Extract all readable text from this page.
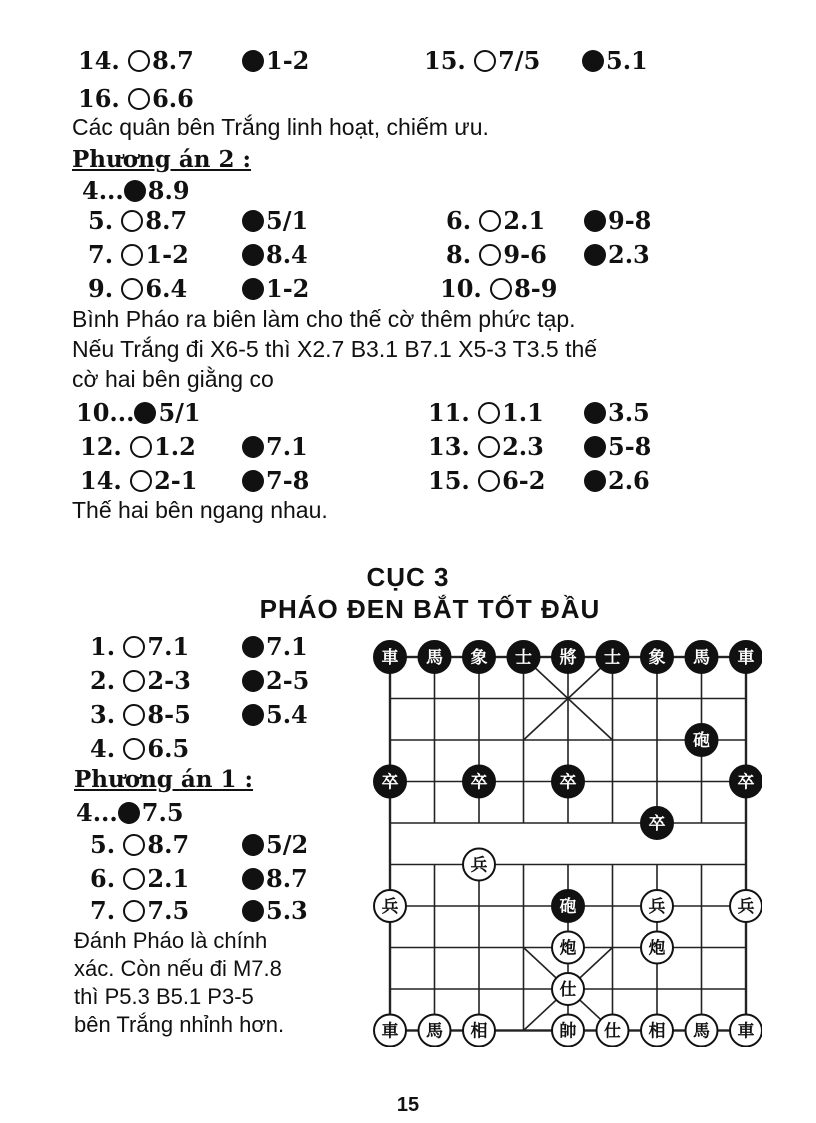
14. 8.7	1-2	15. 7/5	5.1
16. 6.6
Các quân bên Trắng linh hoạt, chiếm ưu.
Phương án 2 :
4... 8.9
5. 8.7	5/1	6. 2.1	9-8
7. 1-2	8.4	8. 9-6	2.3
9. 6.4	1-2	10. 8-9
Bình Pháo ra biên làm cho thế cờ thêm phức tạp.
Nếu Trắng đi X6-5 thì X2.7 B3.1 B7.1 X5-3 T3.5 thế
cờ hai bên giằng co
10... 5/1	11. 1.1	3.5
12. 1.2	7.1	13. 2.3	5-8
14. 2-1	7-8	15. 6-2	2.6
Thế hai bên ngang nhau.
CỤC 3
PHÁO ĐEN BẮT TỐT ĐẦU
1. 7.1	7.1
2. 2-3	2-5
3. 8-5	5.4
4. 6.5
Phương án 1 :
4... 7.5
5. 8.7	5/2
6. 2.1	8.7
7. 7.5	5.3
Đánh Pháo là chính
xác. Còn nếu đi M7.8
thì P5.3 B5.1 P3-5
bên Trắng nhỉnh hơn.
車 馬 象 士 將 士 象 馬 車
砲
卒	卒	卒	卒
卒
砲
兵
兵	兵	兵
炮	炮
仕
車 馬 相	帥 仕 相 馬 車
15
